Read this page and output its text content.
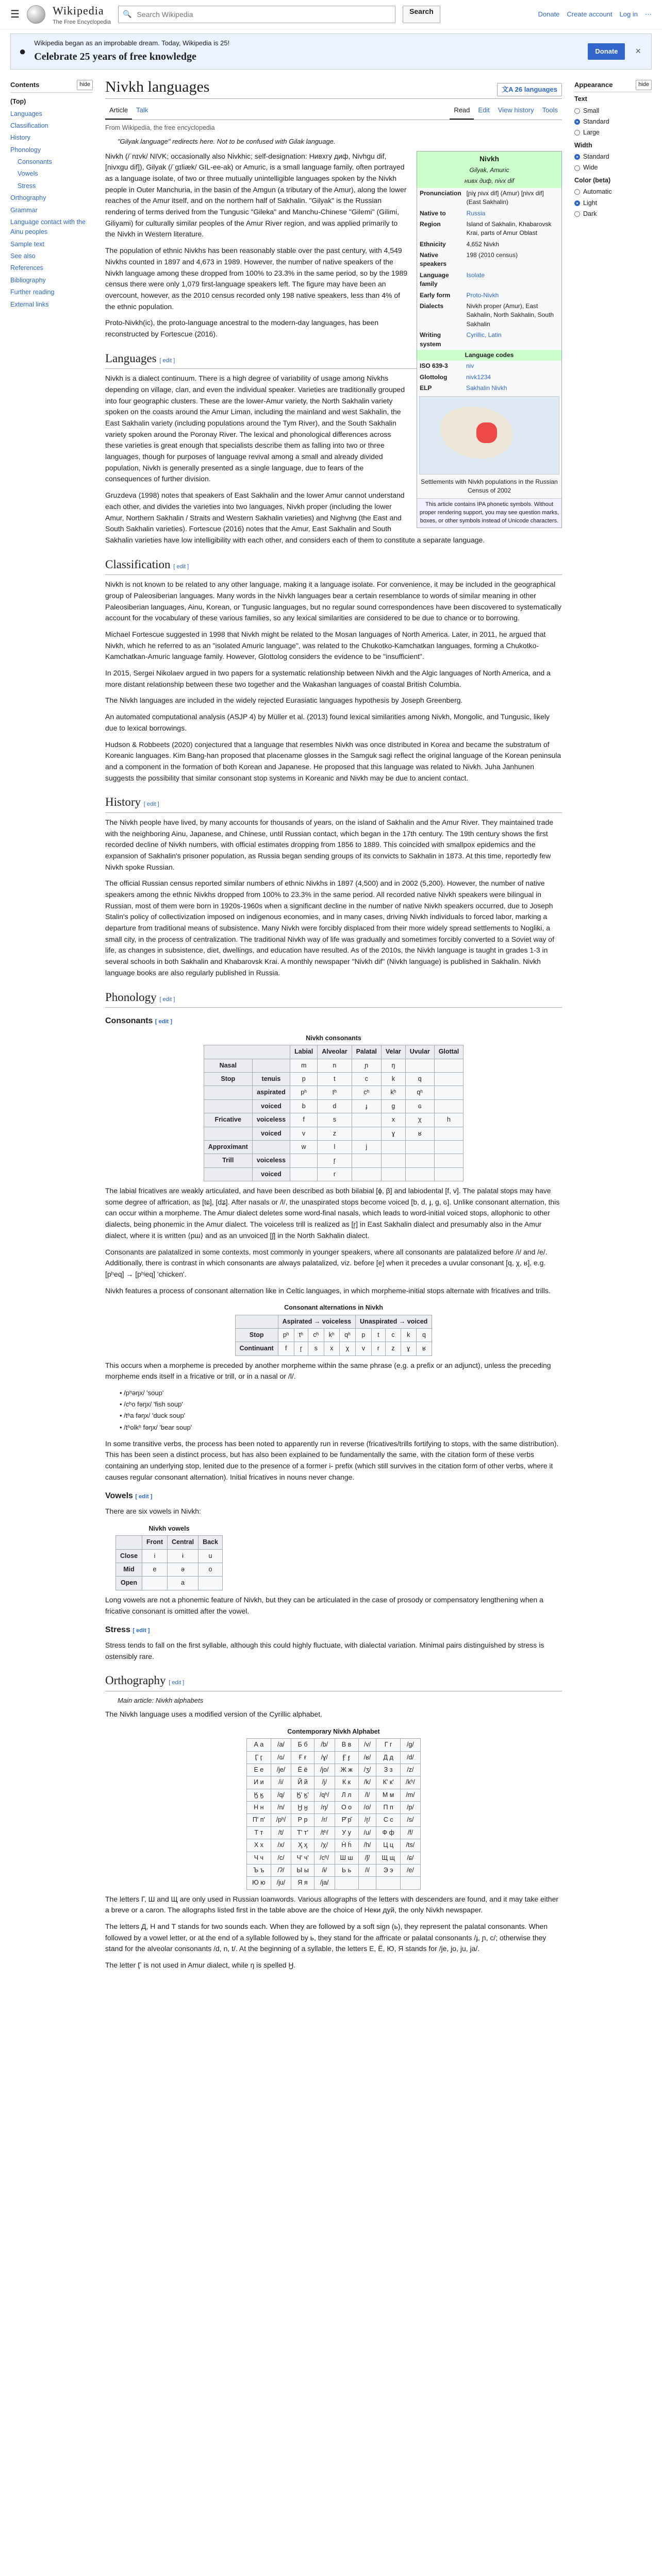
☰	Wikipedia
The Free Encyclopedia
🔍
Search Wikipedia	Search	Donate Create account Log in ⋯
●
Wikipedia began as an improbable dream. Today, Wikipedia is 25!
Celebrate 25 years of free knowledge	Donate	×
Contents	hide
(Top)
Languages
Classification
History
Phonology
Consonants
Vowels
Stress
Orthography
Grammar
Language contact with the Ainu peoples
Sample text
See also
References
Bibliography
Further reading
External links
Nivkh languages	文A 26 languages
Article	Talk	Read	Edit	View history	Tools
From Wikipedia, the free encyclopedia
"Gilyak language" redirects here. Not to be confused with Gilak language.
Nivkh
Gilyak, Amuric
нивх диф, nivx dif
Pronunciation	[ɲiɣ ɲivx dif] (Amur) [ɲivx dif] (East Sakhalin)
Native to	Russia
Region	Island of Sakhalin, Khabarovsk Krai, parts of Amur Oblast
Ethnicity	4,652 Nivkh
Native speakers	198 (2010 census)
Language family	Isolate
Early form	Proto-Nivkh
Dialects	Nivkh proper (Amur), East Sakhalin, North Sakhalin, South Sakhalin
Writing system	Cyrillic, Latin
Language codes
ISO 639-3	niv
Glottolog	nivk1234
ELP	Sakhalin Nivkh
Settlements with Nivkh populations in the Russian Census of 2002
This article contains IPA phonetic symbols. Without proper rendering support, you may see question marks, boxes, or other symbols instead of Unicode characters.

Nivkh (/ˈnɪvk/ NIVK; occasionally also Nivkhic; self-designation: Нивхгу диф, Nivhgu dif, [nivxɡu dif]), Gilyak (/ˈɡɪliæk/ GIL-ee-ak) or Amuric, is a small language family, often portrayed as a language isolate, of two or three mutually unintelligible languages spoken by the Nivkh people in Outer Manchuria, in the basin of the Amgun (a tributary of the Amur), along the lower reaches of the Amur itself, and on the northern half of Sakhalin. "Gilyak" is the Russian rendering of terms derived from the Tungusic "Gileka" and Manchu-Chinese "Gilemi" (Gilimi, Giliyami) for culturally similar peoples of the Amur River region, and was applied primarily to the Nivkh in Western literature.

The population of ethnic Nivkhs has been reasonably stable over the past century, with 4,549 Nivkhs counted in 1897 and 4,673 in 1989. However, the number of native speakers of the Nivkh language among these dropped from 100% to 23.3% in the same period, so by the 1989 census there were only 1,079 first-language speakers left. The figure may have been an overcount, however, as the 2010 census recorded only 198 native speakers, less than 4% of the ethnic population.

Proto-Nivkh(ic), the proto-language ancestral to the modern-day languages, has been reconstructed by Fortescue (2016).

Languages [ edit ]

Nivkh is a dialect continuum. There is a high degree of variability of usage among Nivkhs depending on village, clan, and even the individual speaker. Varieties are traditionally grouped into four geographic clusters. These are the lower-Amur variety, the North Sakhalin variety spoken on the coasts around the Amur Liman, including the mainland and west Sakhalin, the East Sakhalin variety (including populations around the Tym River), and the South Sakhalin variety spoken around the Poronay River. The lexical and phonological differences across these varieties is great enough that specialists describe them as falling into two or three languages, though for purposes of language revival among a small and already divided population, Nivkh is generally presented as a single language, due to fears of the consequences of further division.

Gruzdeva (1998) notes that speakers of East Sakhalin and the lower Amur cannot understand each other, and divides the varieties into two languages, Nivkh proper (including the lower Amur, Northern Sakhalin / Straits and Western Sakhalin varieties) and Nighvng (the East and South Sakhalin varieties). Fortescue (2016) notes that the Amur, East Sakhalin and South Sakhalin varieties have low intelligibility with each other, and considers each of them to constitute a separate language.

Classification [ edit ]

Nivkh is not known to be related to any other language, making it a language isolate. For convenience, it may be included in the geographical group of Paleosiberian languages. Many words in the Nivkh languages bear a certain resemblance to words of similar meaning in other Paleosiberian languages, Ainu, Korean, or Tungusic languages, but no regular sound correspondences have been discovered to systematically account for the vocabulary of these various families, so any lexical similarities are considered to be due to chance or to borrowing.

Michael Fortescue suggested in 1998 that Nivkh might be related to the Mosan languages of North America. Later, in 2011, he argued that Nivkh, which he referred to as an "isolated Amuric language", was related to the Chukotko-Kamchatkan languages, forming a Chukotko-Kamchatkan-Amuric language family. However, Glottolog considers the evidence to be "insufficient".

In 2015, Sergei Nikolaev argued in two papers for a systematic relationship between Nivkh and the Algic languages of North America, and a more distant relationship between these two together and the Wakashan languages of coastal British Columbia.

The Nivkh languages are included in the widely rejected Eurasiatic languages hypothesis by Joseph Greenberg.

An automated computational analysis (ASJP 4) by Müller et al. (2013) found lexical similarities among Nivkh, Mongolic, and Tungusic, likely due to lexical borrowings.

Hudson & Robbeets (2020) conjectured that a language that resembles Nivkh was once distributed in Korea and became the substratum of Koreanic languages. Kim Bang-han proposed that placename glosses in the Samguk sagi reflect the original language of the Korean peninsula and a component in the formation of both Korean and Japanese. He proposed that this language was related to Nivkh. Juha Janhunen suggests the possibility that similar consonant stop systems in Koreanic and Nivkh may be due to ancient contact.

History [ edit ]

The Nivkh people have lived, by many accounts for thousands of years, on the island of Sakhalin and the Amur River. They maintained trade with the neighboring Ainu, Japanese, and Chinese, until Russian contact, which began in the 17th century. The 19th century shows the first recorded decline of Nivkh numbers, with official estimates dropping from 1856 to 1889. This coincided with smallpox epidemics and the expansion of Sakhalin's prisoner population, as Russia began sending groups of its convicts to Sakhalin in 1873. At this time, reportedly few Nivkh spoke Russian.

The official Russian census reported similar numbers of ethnic Nivkhs in 1897 (4,500) and in 2002 (5,200). However, the number of native speakers among the ethnic Nivkhs dropped from 100% to 23.3% in the same period. All recorded native Nivkh speakers were bilingual in Russian, most of them were born in 1920s-1960s when a significant decline in the number of native Nivkh speakers occurred, due to Joseph Stalin's policy of collectivization imposed on indigenous economies, and in many cases, driving Nivkh individuals to forced labor, marking a departure from traditional means of subsistence. Many Nivkh were forcibly displaced from their more widely spread settlements to Nogliki, a small city, in the process of centralization. The traditional Nivkh way of life was gradually and sometimes forcibly converted to a Soviet way of life, as changes in subsistence, diet, dwellings, and education have resulted. As of the 2010s, the Nivkh language is taught in grades 1-3 in several schools in both Sakhalin and Khabarovsk Krai. A monthly newspaper "Nivkh dif" (Nivkh language) is published in Sakhalin. Nivkh language books are also regularly published in Russia.

Phonology [ edit ]
Consonants [ edit ]
Nivkh consonants
		Labial	Alveolar	Palatal	Velar	Uvular	Glottal
Nasal		m	n	ɲ	ŋ		
Stop	tenuis	p	t	c	k	q	
	aspirated	pʰ	tʰ	cʰ	kʰ	qʰ	
	voiced	b	d	ɟ	ɡ	ɢ	
Fricative	voiceless	f	s		x	χ	h
	voiced	v	z		ɣ	ʁ	
Approximant		w	l	j			
Trill	voiceless		r̥				
	voiced		r				

The labial fricatives are weakly articulated, and have been described as both bilabial [ɸ, β] and labiodental [f, v]. The palatal stops may have some degree of affrication, as [tɕ], [dʑ]. After nasals or /l/, the unaspirated stops become voiced [b, d, ɟ, ɡ, ɢ]. Unlike consonant alternation, this can occur within a morpheme. The Amur dialect deletes some word-final nasals, which leads to word-initial voiced stops, allophonic to other dialects, being phonemic in the Amur dialect. The voiceless trill is realized as [r̥] in East Sakhalin dialect and presumably also in the Amur dialect, where it is written ⟨рш⟩ and as an unvoiced [ʃ] in the North Sakhalin dialect.

Consonants are palatalized in some contexts, most commonly in younger speakers, where all consonants are palatalized before /i/ and /e/. Additionally, there is contrast in which consonants are always palatalized, viz. before [e] when it precedes a uvular consonant [q, χ, ʁ], e.g. [pʰeq] → [pʰʲeq] 'chicken'.

Nivkh features a process of consonant alternation like in Celtic languages, in which morpheme-initial stops alternate with fricatives and trills.

Consonant alternations in Nivkh
	Aspirated → voiceless					Unaspirated → voiced				
Stop	pʰ	tʰ	cʰ	kʰ	qʰ	p	t	c	k	q
Continuant	f	r̥	s	x	χ	v	r	z	ɣ	ʁ

This occurs when a morpheme is preceded by another morpheme within the same phrase (e.g. a prefix or an adjunct), unless the preceding morpheme ends itself in a fricative or trill, or in a nasal or /l/.

• /pʰəŋx/ 'soup'
• /cʰo fəŋx/ 'fish soup'
• /tʰa fəŋx/ 'duck soup'
• /tʰolkʰ fəŋx/ 'bear soup'

In some transitive verbs, the process has been noted to apparently run in reverse (fricatives/trills fortifying to stops, with the same distribution). This has been seen a distinct process, but has also been explained to be fundamentally the same, with the citation form of these verbs containing an underlying stop, lenited due to the presence of a former i- prefix (which still survives in the citation form of other verbs, where it causes regular consonant alternation). Initial fricatives in nouns never change.

Vowels [ edit ]

There are six vowels in Nivkh:

Nivkh vowels
	Front	Central	Back
Close	i	ɨ	u
Mid	e	ə	o
Open		a	

Long vowels are not a phonemic feature of Nivkh, but they can be articulated in the case of prosody or compensatory lengthening when a fricative consonant is omitted after the vowel.

Stress [ edit ]

Stress tends to fall on the first syllable, although this could highly fluctuate, with dialectal variation. Minimal pairs distinguished by stress is ostensibly rare.

Orthography [ edit ]
Main article: Nivkh alphabets

The Nivkh language uses a modified version of the Cyrillic alphabet.

Contemporary Nivkh Alphabet
А а	/a/	Б б	/b/	В в	/v/	Г г	/ɡ/
Ӷ ӷ	/ɢ/	Ғ ғ	/ɣ/	Ӻ ӻ	/ʁ/	Д д	/d/
Е е	/je/	Ё ё	/jo/	Ж ж	/ʒ/	З з	/z/
И и	/i/	Й й	/j/	К к	/k/	К' к'	/kʰ/
Ӄ ӄ	/q/	Ӄ' ӄ'	/qʰ/	Л л	/l/	М м	/m/
Н н	/n/	Ӈ ӈ	/ŋ/	О о	/o/	П п	/p/
П' п'	/pʰ/	Р р	/r/	Р̌ р̌	/r̥/	С с	/s/
Т т	/t/	Т' т'	/tʰ/	У у	/u/	Ф ф	/f/
Х х	/x/	Ӽ ӽ	/χ/	Ḣ ḣ	/h/	Ц ц	/ts/
Ч ч	/c/	Ч' ч'	/cʰ/	Ш ш	/ʃ/	Щ щ	/ɕ/
Ъ ъ	/ʔ/	Ы ы	/ɨ/	Ь ь	/ʲ/	Э э	/e/
Ю ю	/ju/	Я я	/ja/				

The letters Г, Ш and Щ are only used in Russian loanwords. Various allographs of the letters with descenders are found, and it may take either a breve or a caron. The allographs listed first in the table above are the choice of Неки дуй, the only Nivkh newspaper.

The letters Д, Н and Т stands for two sounds each. When they are followed by a soft sign (ь), they represent the palatal consonants. When followed by a vowel letter, or at the end of a syllable followed by ь, they stand for the affricate or palatal consonants /ɟ, ɲ, c/; otherwise they stand for the alveolar consonants /d, n, t/. At the beginning of a syllable, the letters Е, Ё, Ю, Я stands for /je, jo, ju, ja/.

The letter Ӷ is not used in Amur dialect, while ŋ is spelled Ӈ.

Appearance	hide
Text
Small
Standard
Large
Width
Standard
Wide
Color (beta)
Automatic
Light
Dark
